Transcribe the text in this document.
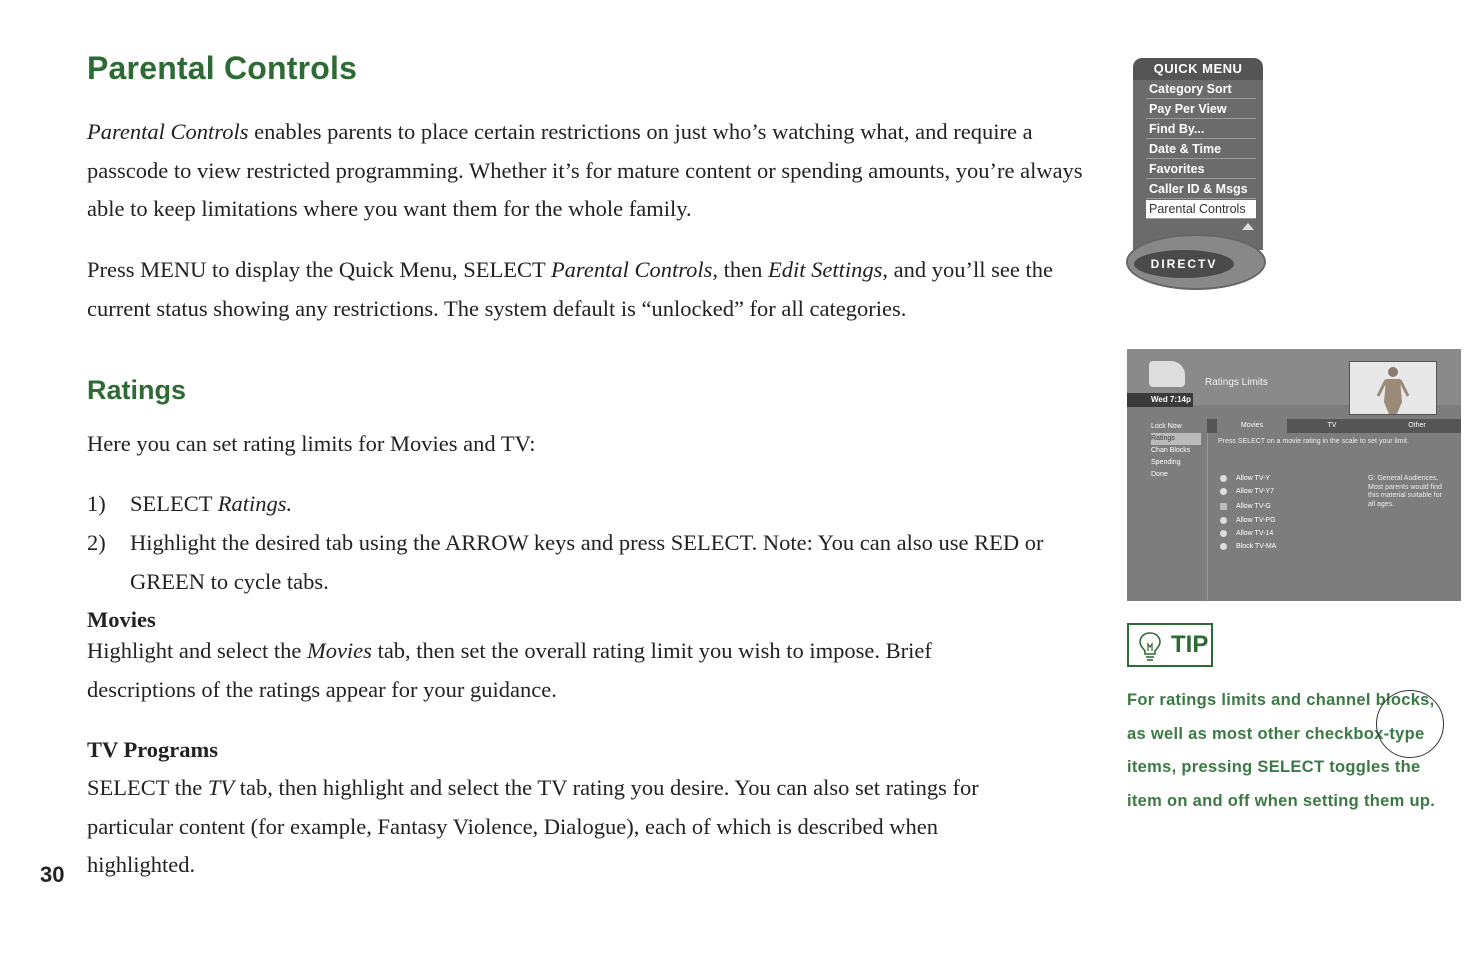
Parental Controls

Parental Controls enables parents to place certain restrictions on just who’s watching what, and require a passcode to view restricted programming. Whether it’s for mature content or spending amounts, you’re always able to keep limitations where you want them for the whole family.

Press MENU to display the Quick Menu, SELECT Parental Controls, then Edit Settings, and you’ll see the current status showing any restrictions. The system default is “unlocked” for all categories.

Ratings

Here you can set rating limits for Movies and TV:

1) SELECT Ratings.

2) Highlight the desired tab using the ARROW keys and press SELECT. Note: You can also use RED or GREEN to cycle tabs.

Movies

Highlight and select the Movies tab, then set the overall rating limit you wish to impose. Brief descriptions of the ratings appear for your guidance.

TV Programs

SELECT the TV tab, then highlight and select the TV rating you desire. You can also set ratings for particular content (for example, Fantasy Violence, Dialogue), each of which is described when highlighted.

30
QUICK MENU
Category Sort
Pay Per View
Find By...
Date & Time
Favorites
Caller ID & Msgs
Parental Controls
DIRECTV
Wed 7:14p
Ratings Limits
Lock Now
Ratings
Chan Blocks
Spending
Done
Movies	TV	Other
Press SELECT on a movie rating in the scale to set your limit.
Allow TV-Y
Allow TV-Y7
Allow TV-G
Allow TV-PG
Allow TV-14
Block TV-MA
G: General Audiences. Most parents would find this material suitable for all ages.
TIP
For ratings limits and channel blocks, as well as most other checkbox-type items, pressing SELECT toggles the item on and off when setting them up.
